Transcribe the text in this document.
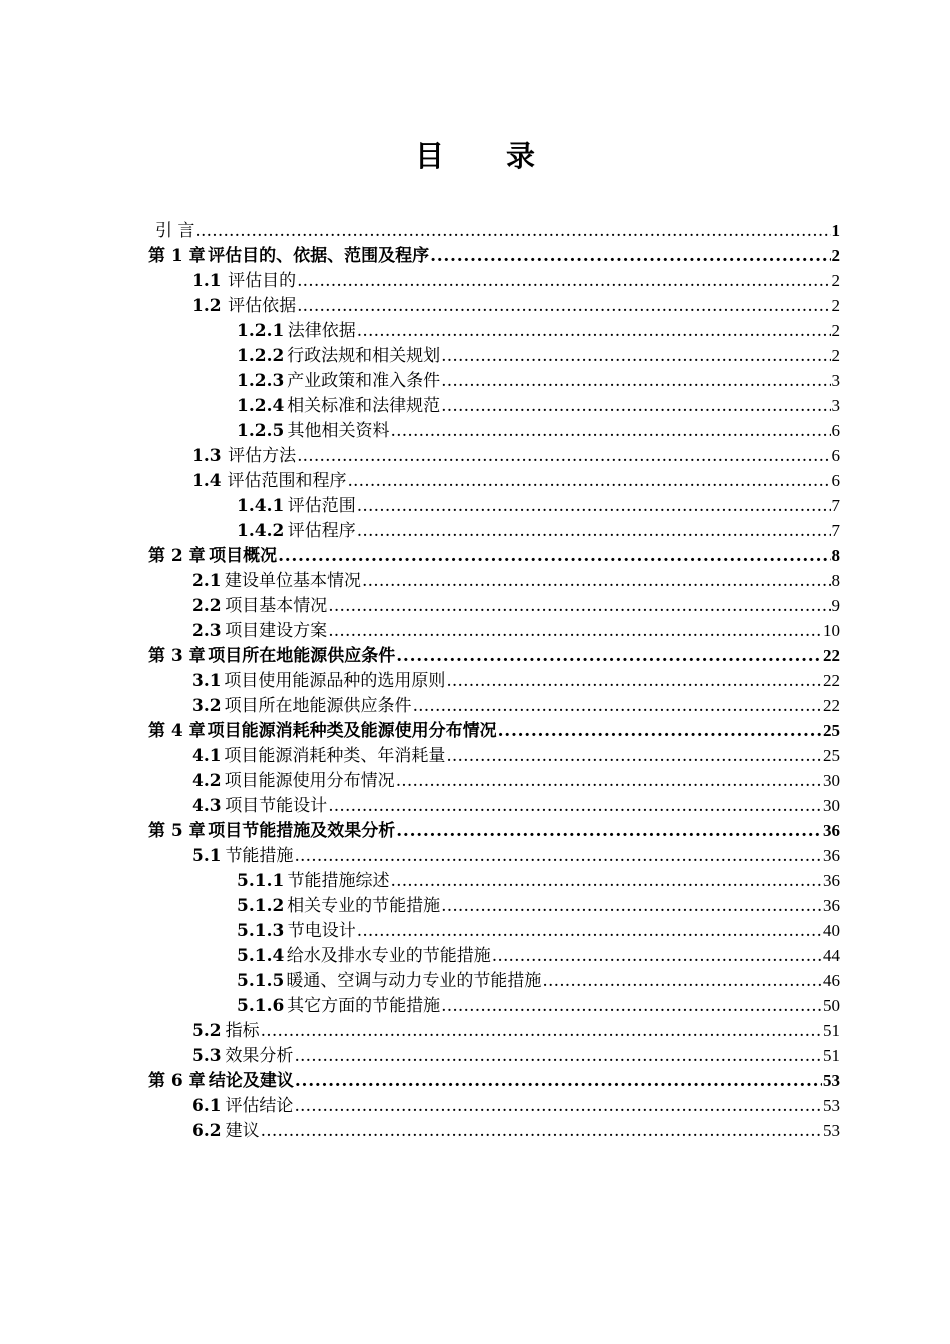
目 录
引 言 . . .	1
第 1 章 评估目的、依据、范围及程序 . . .	2
1.1 评估目的 . . .	2
1.2 评估依据 . . .	2
1.2.1 法律依据 . . .	2
1.2.2 行政法规和相关规划 . . .	2
1.2.3 产业政策和准入条件 . . .	3
1.2.4 相关标准和法律规范 . . .	3
1.2.5 其他相关资料 . . .	6
1.3 评估方法 . . .	6
1.4 评估范围和程序 . . .	6
1.4.1 评估范围 . . .	7
1.4.2 评估程序 . . .	7
第 2 章 项目概况 . . .	8
2.1 建设单位基本情况 . . .	8
2.2 项目基本情况 . . .	9
2.3 项目建设方案 . . .	10
第 3 章 项目所在地能源供应条件 . . .	22
3.1 项目使用能源品种的选用原则 . . .	22
3.2 项目所在地能源供应条件 . . .	22
第 4 章 项目能源消耗种类及能源使用分布情况 . . .	25
4.1 项目能源消耗种类、年消耗量 . . .	25
4.2 项目能源使用分布情况 . . .	30
4.3 项目节能设计 . . .	30
第 5 章 项目节能措施及效果分析 . . .	36
5.1 节能措施 . . .	36
5.1.1 节能措施综述 . . .	36
5.1.2 相关专业的节能措施 . . .	36
5.1.3 节电设计 . . .	40
5.1.4 给水及排水专业的节能措施 . . .	44
5.1.5 暖通、空调与动力专业的节能措施 . . .	46
5.1.6 其它方面的节能措施 . . .	50
5.2 指标 . . .	51
5.3 效果分析 . . .	51
第 6 章 结论及建议 . . .	53
6.1 评估结论 . . .	53
6.2 建议 . . .	53
